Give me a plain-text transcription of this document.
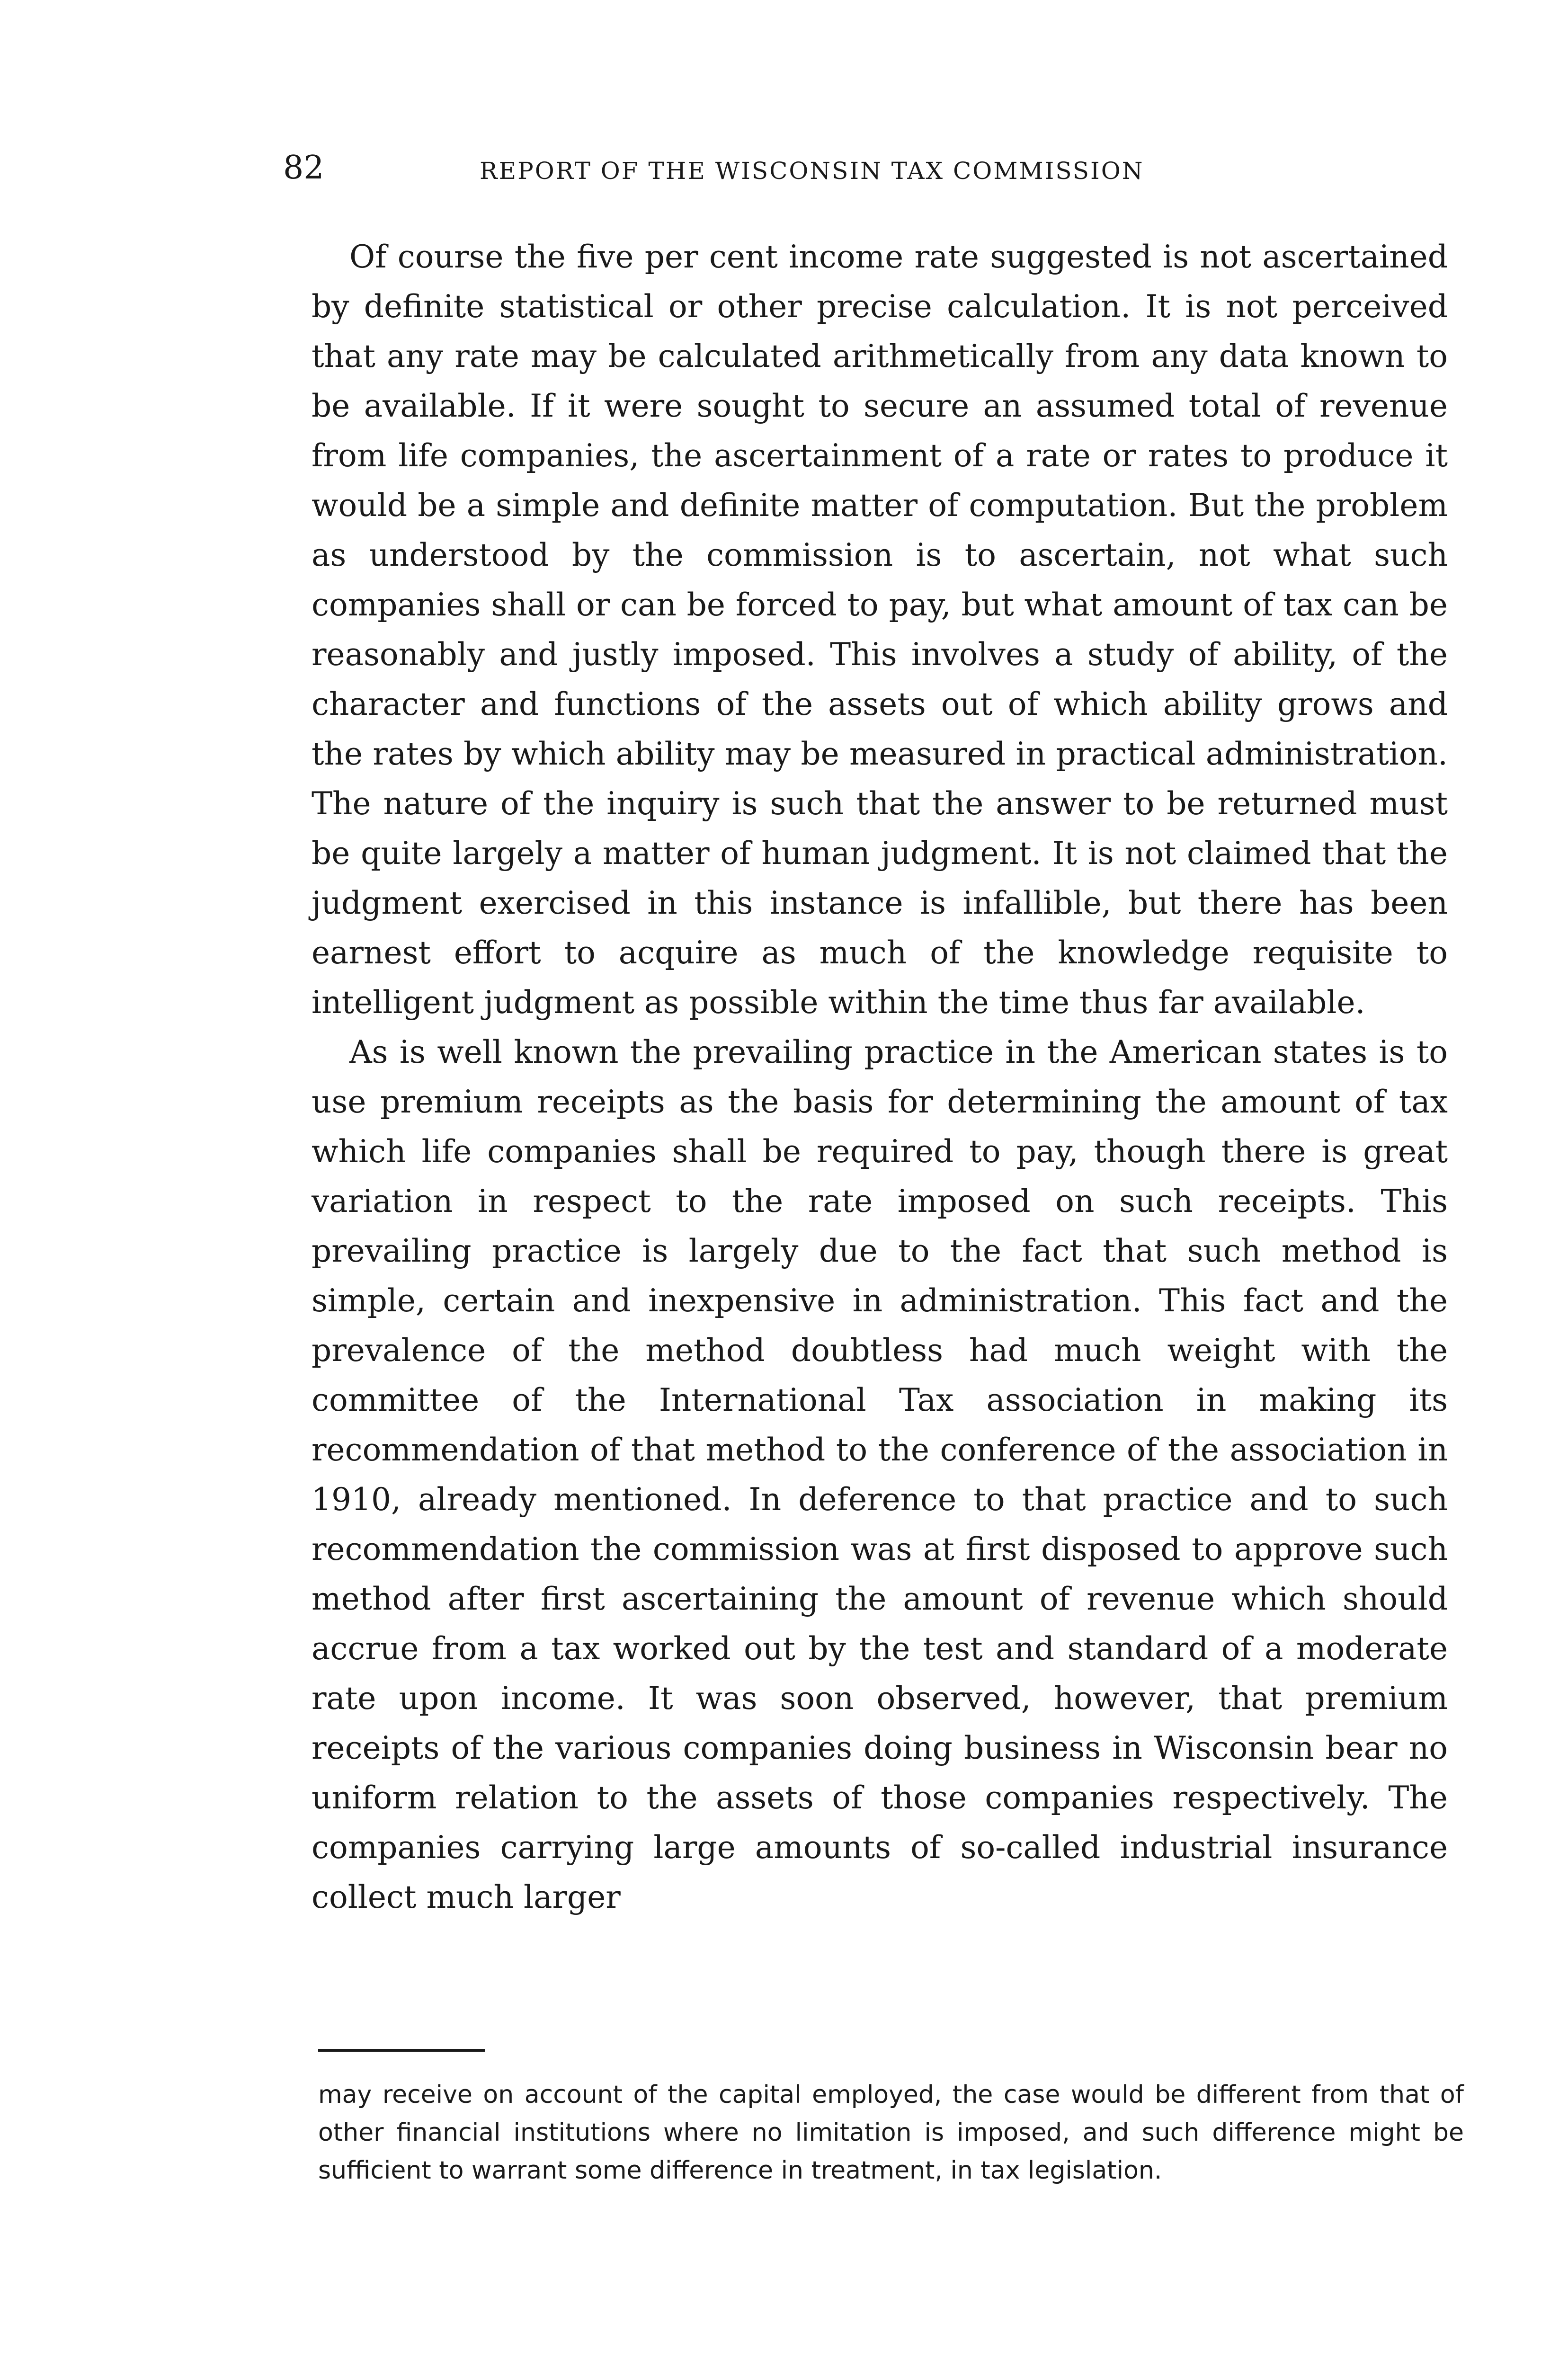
82	REPORT OF THE WISCONSIN TAX COMMISSION

Of course the five per cent income rate suggested is not ascertained by definite statistical or other precise calculation. It is not perceived that any rate may be calculated arithmetically from any data known to be available. If it were sought to secure an assumed total of revenue from life companies, the ascertainment of a rate or rates to produce it would be a simple and definite matter of computation. But the problem as understood by the commission is to ascertain, not what such companies shall or can be forced to pay, but what amount of tax can be reasonably and justly imposed. This involves a study of ability, of the character and functions of the assets out of which ability grows and the rates by which ability may be measured in practical administration. The nature of the inquiry is such that the answer to be returned must be quite largely a matter of human judgment. It is not claimed that the judgment exercised in this instance is infallible, but there has been earnest effort to acquire as much of the knowledge requisite to intelligent judgment as possible within the time thus far available.

As is well known the prevailing practice in the American states is to use premium receipts as the basis for determining the amount of tax which life companies shall be required to pay, though there is great variation in respect to the rate imposed on such receipts. This prevailing practice is largely due to the fact that such method is simple, certain and inexpensive in administration. This fact and the prevalence of the method doubtless had much weight with the committee of the International Tax association in making its recommendation of that method to the conference of the association in 1910, already mentioned. In deference to that practice and to such recommendation the commission was at first disposed to approve such method after first ascertaining the amount of revenue which should accrue from a tax worked out by the test and standard of a moderate rate upon income. It was soon observed, however, that premium receipts of the various companies doing business in Wisconsin bear no uniform relation to the assets of those companies respectively. The companies carrying large amounts of so-called industrial insurance collect much larger

may receive on account of the capital employed, the case would be different from that of other financial institutions where no limitation is imposed, and such difference might be sufficient to warrant some difference in treatment, in tax legislation.
